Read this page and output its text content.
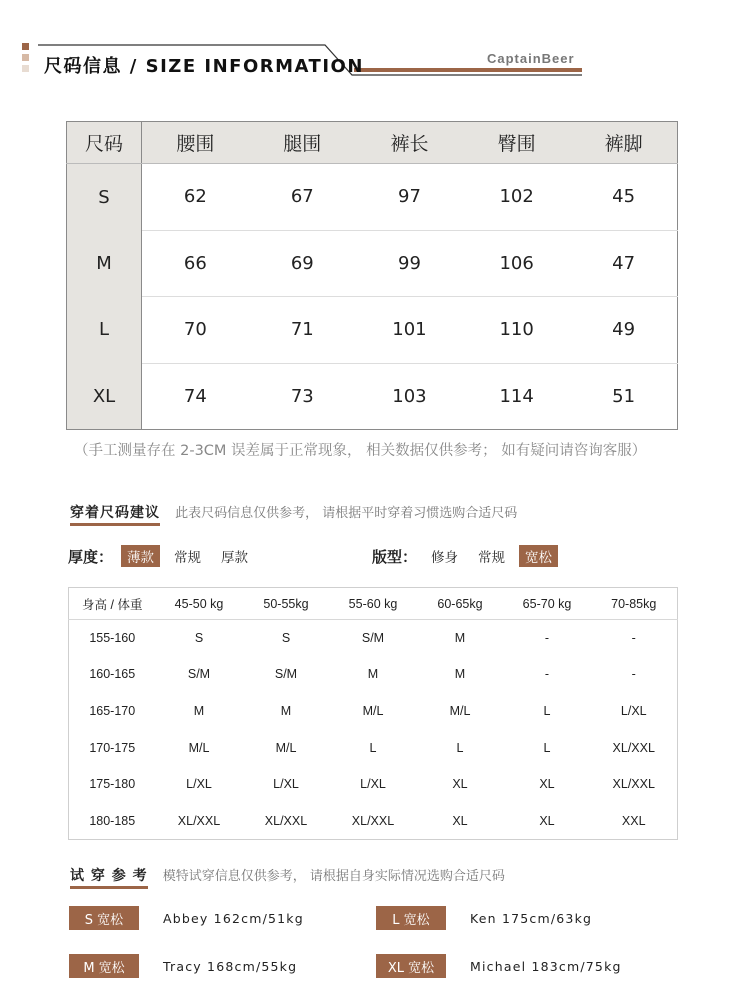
尺码信息 / SIZE INFORMATION	CaptainBeer
尺码	腰围	腿围	裤长	臀围	裤脚
S	62	67	97	102	45
M	66	69	99	106	47
L	70	71	101	110	49
XL	74	73	103	114	51
（手工测量存在 2-3CM 误差属于正常现象， 相关数据仅供参考； 如有疑问请咨询客服）
穿着尺码建议 此表尺码信息仅供参考， 请根据平时穿着习惯选购合适尺码
厚度：	薄款	常规	厚款	版型：	修身	常规	宽松
身高 / 体重	45-50 kg	50-55kg	55-60 kg	60-65kg	65-70 kg	70-85kg
155-160	S	S	S/M	M	-	-
160-165	S/M	S/M	M	M	-	-
165-170	M	M	M/L	M/L	L	L/XL
170-175	M/L	M/L	L	L	L	XL/XXL
175-180	L/XL	L/XL	L/XL	XL	XL	XL/XXL
180-185	XL/XXL	XL/XXL	XL/XXL	XL	XL	XXL
试 穿 参 考 模特试穿信息仅供参考， 请根据自身实际情况选购合适尺码
S 宽松	Abbey 162cm/51kg	L 宽松	Ken 175cm/63kg
M 宽松	Tracy 168cm/55kg	XL 宽松	Michael 183cm/75kg
